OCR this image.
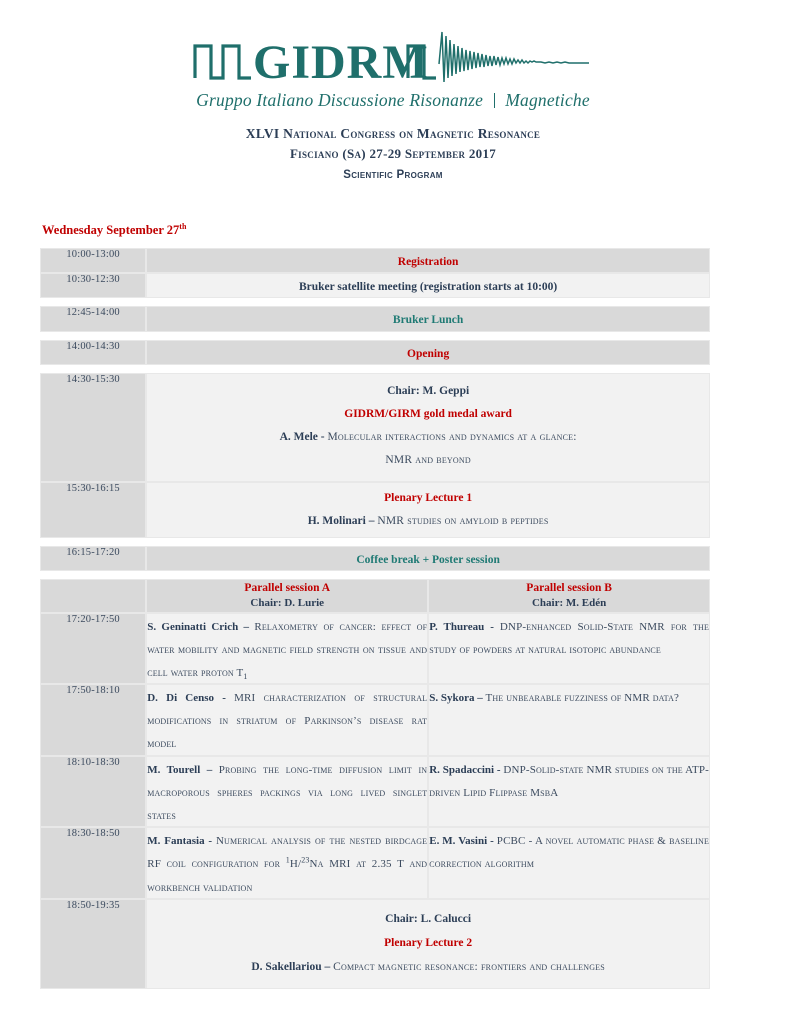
GIDRM
Gruppo Italiano Discussione Risonanze Magnetiche
XLVI National Congress on Magnetic Resonance
Fisciano (Sa) 27-29 September 2017
Scientific Program
Wednesday September 27th
10:00-13:00	Registration	

10:30-12:30	Bruker satellite meeting (registration starts at 10:00)	

12:45-14:00	Bruker Lunch	

14:00-14:30	Opening	

14:30-15:30	Chair: M. Geppi
GIDRM/GIRM gold medal award
A. Mele - Molecular interactions and dynamics at a glance:
NMR and beyond	

15:30-16:15	Plenary Lecture 1
H. Molinari – NMR studies on amyloid β peptides	

16:15-17:20	Coffee break + Poster session	

Parallel session A
Chair: D. Lurie

Parallel session B
Chair: M. Edén

17:20-17:50	S. Geninatti Crich – Relaxometry of cancer: effect of water mobility and magnetic field strength on tissue and cell water proton $T_1$	P. Thureau - DNP-enhanced Solid-State NMR for the study of powders at natural isotopic abundance
17:50-18:10	D. Di Censo - MRI characterization of structural modifications in striatum of Parkinson’s disease rat model	S. Sykora – The unbearable fuzziness of NMR data?
18:10-18:30	M. Tourell – Probing the long-time diffusion limit in macroporous spheres packings via long lived singlet states	R. Spadaccini - DNP-Solid-state NMR studies on the ATP-driven Lipid Flippase MsbA
18:30-18:50	M. Fantasia - Numerical analysis of the nested birdcage RF coil configuration for $^1$H/$^{23}$Na MRI at 2.35 T and workbench validation	E. M. Vasini - PCBC - A novel automatic phase & baseline correction algorithm
18:50-19:35	Chair: L. Calucci
Plenary Lecture 2
D. Sakellariou – Compact magnetic resonance: frontiers and challenges	
